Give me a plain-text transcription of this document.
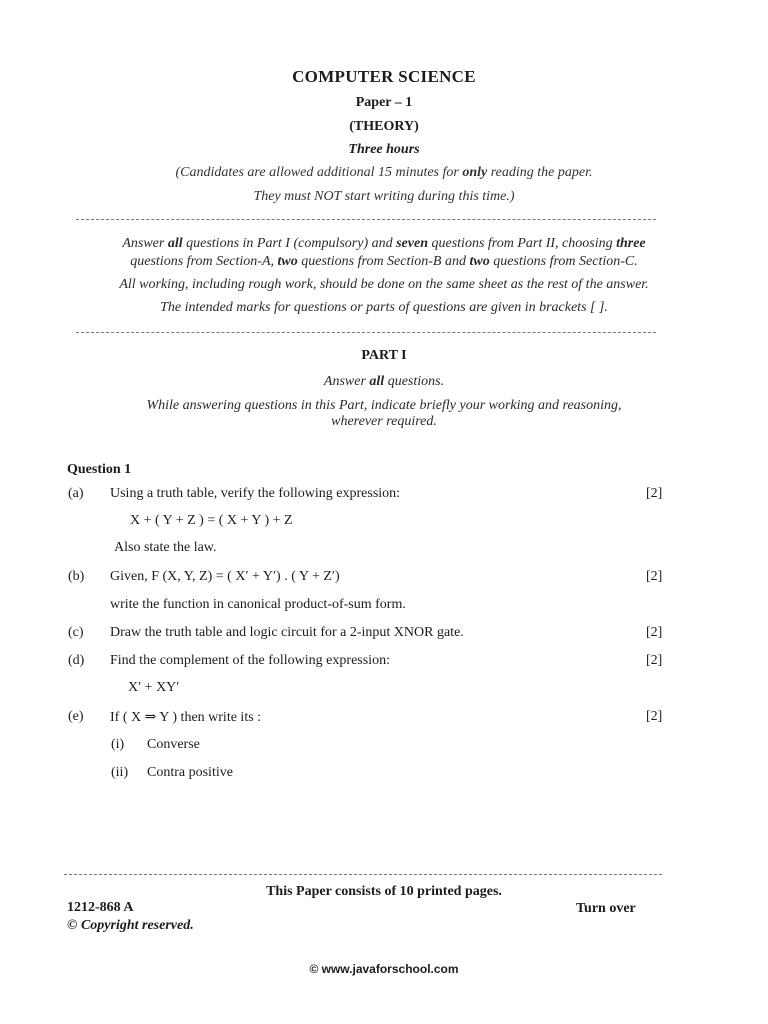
COMPUTER SCIENCE
Paper – 1
(THEORY)
Three hours
(Candidates are allowed additional 15 minutes for only reading the paper.
They must NOT start writing during this time.)
Answer all questions in Part I (compulsory) and seven questions from Part II, choosing three
questions from Section-A, two questions from Section-B and two questions from Section-C.
All working, including rough work, should be done on the same sheet as the rest of the answer.
The intended marks for questions or parts of questions are given in brackets [ ].
PART I
Answer all questions.
While answering questions in this Part, indicate briefly your working and reasoning,
wherever required.
Question 1
(a) Using a truth table, verify the following expression:	[2]
X + ( Y + Z ) = ( X + Y ) + Z
Also state the law.
(b) Given, F (X, Y, Z) = ( X′ + Y′) . ( Y + Z′)	[2]
write the function in canonical product-of-sum form.
(c) Draw the truth table and logic circuit for a 2-input XNOR gate.	[2]
(d) Find the complement of the following expression:	[2]
X′ + XY′
(e) If ( X ⇒ Y ) then write its :	[2]
(i) Converse
(ii) Contra positive
This Paper consists of 10 printed pages.
1212-868 A	Turn over
© Copyright reserved.
© www.javaforschool.com
